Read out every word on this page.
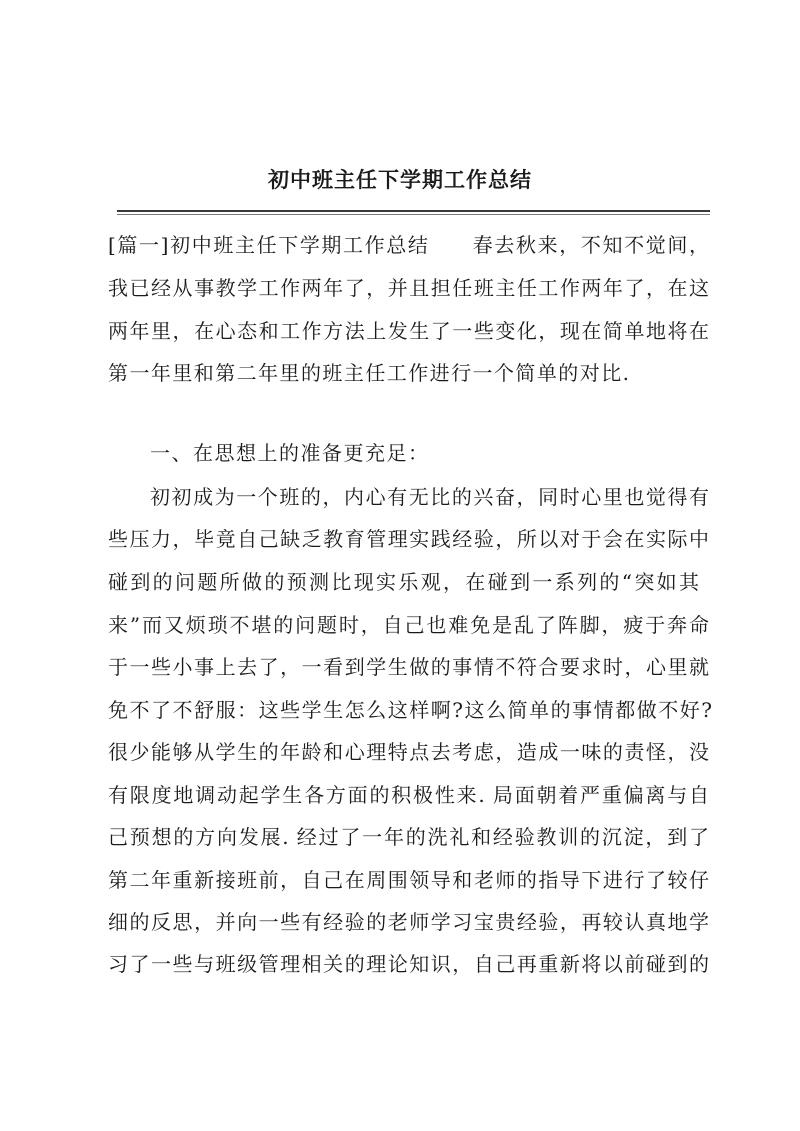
初中班主任下学期工作总结
[篇一]初中班主任下学期工作总结　　春去秋来，不知不觉间，
我已经从事教学工作两年了，并且担任班主任工作两年了，在这
两年里，在心态和工作方法上发生了一些变化，现在简单地将在
第一年里和第二年里的班主任工作进行一个简单的对比.
一、在思想上的准备更充足：
初初成为一个班的，内心有无比的兴奋，同时心里也觉得有
些压力，毕竟自己缺乏教育管理实践经验，所以对于会在实际中
碰到的问题所做的预测比现实乐观，在碰到一系列的“突如其
来”而又烦琐不堪的问题时，自己也难免是乱了阵脚，疲于奔命
于一些小事上去了，一看到学生做的事情不符合要求时，心里就
免不了不舒服：这些学生怎么这样啊?这么简单的事情都做不好?
很少能够从学生的年龄和心理特点去考虑，造成一味的责怪，没
有限度地调动起学生各方面的积极性来. 局面朝着严重偏离与自
己预想的方向发展. 经过了一年的洗礼和经验教训的沉淀，到了
第二年重新接班前，自己在周围领导和老师的指导下进行了较仔
细的反思，并向一些有经验的老师学习宝贵经验，再较认真地学
习了一些与班级管理相关的理论知识，自己再重新将以前碰到的
